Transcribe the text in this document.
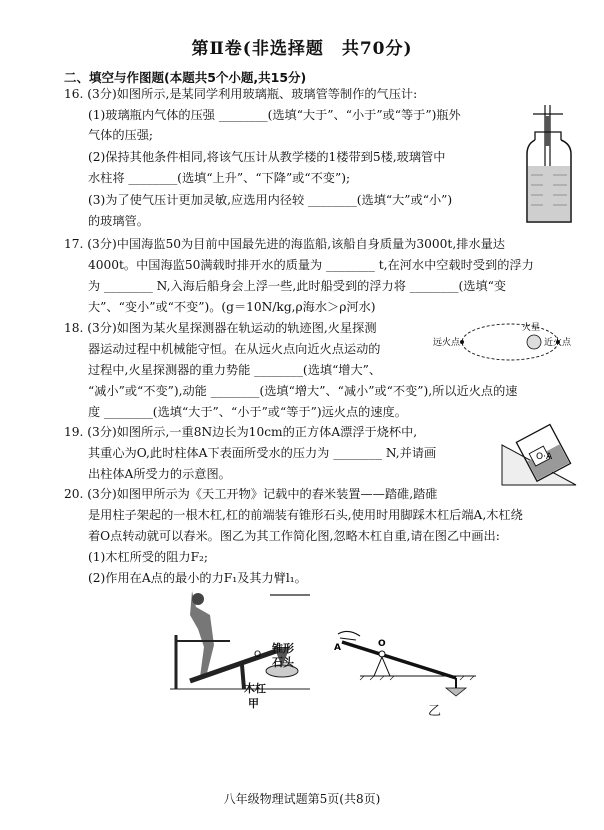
第Ⅱ卷(非选择题　共70分)
二、填空与作图题(本题共5个小题,共15分)
16. (3分)如图所示,是某同学利用玻璃瓶、玻璃管等制作的气压计:
(1)玻璃瓶内气体的压强 ________(选填“大于”、“小于”或“等于”)瓶外
气体的压强;
(2)保持其他条件相同,将该气压计从教学楼的1楼带到5楼,玻璃管中
水柱将 ________(选填“上升”、“下降”或“不变”);
(3)为了使气压计更加灵敏,应选用内径较 ________(选填“大”或“小”)
的玻璃管。
17. (3分)中国海监50为目前中国最先进的海监船,该船自身质量为3000t,排水量达
4000t。中国海监50满载时排开水的质量为 ________ t,在河水中空载时受到的浮力
为 ________ N,入海后船身会上浮一些,此时船受到的浮力将 ________(选填“变
大”、“变小”或“不变”)。(g＝10N/kg,ρ海水＞ρ河水)
18. (3分)如图为某火星探测器在轨运动的轨迹图,火星探测
器运动过程中机械能守恒。在从远火点向近火点运动的
过程中,火星探测器的重力势能 ________(选填“增大”、
“减小”或“不变”),动能 ________(选填“增大”、“减小”或“不变”),所以近火点的速
度 ________(选填“大于”、“小于”或“等于”)远火点的速度。
远火点
火星
近火点
19. (3分)如图所示,一重8N边长为10cm的正方体A漂浮于烧杯中,
其重心为O,此时柱体A下表面所受水的压力为 ________ N,并请画
出柱体A所受力的示意图。
O·A
20. (3分)如图甲所示为《天工开物》记载中的舂米装置——踏碓,踏碓
是用柱子架起的一根木杠,杠的前端装有锥形石头,使用时用脚踩木杠后端A,木杠绕
着O点转动就可以舂米。图乙为其工作简化图,忽略木杠自重,请在图乙中画出:
(1)木杠所受的阻力F₂;
(2)作用在A点的最小的力F₁及其力臂l₁。
O 锥形
石头
木杠
甲
A	O
乙
八年级物理试题第5页(共8页)
